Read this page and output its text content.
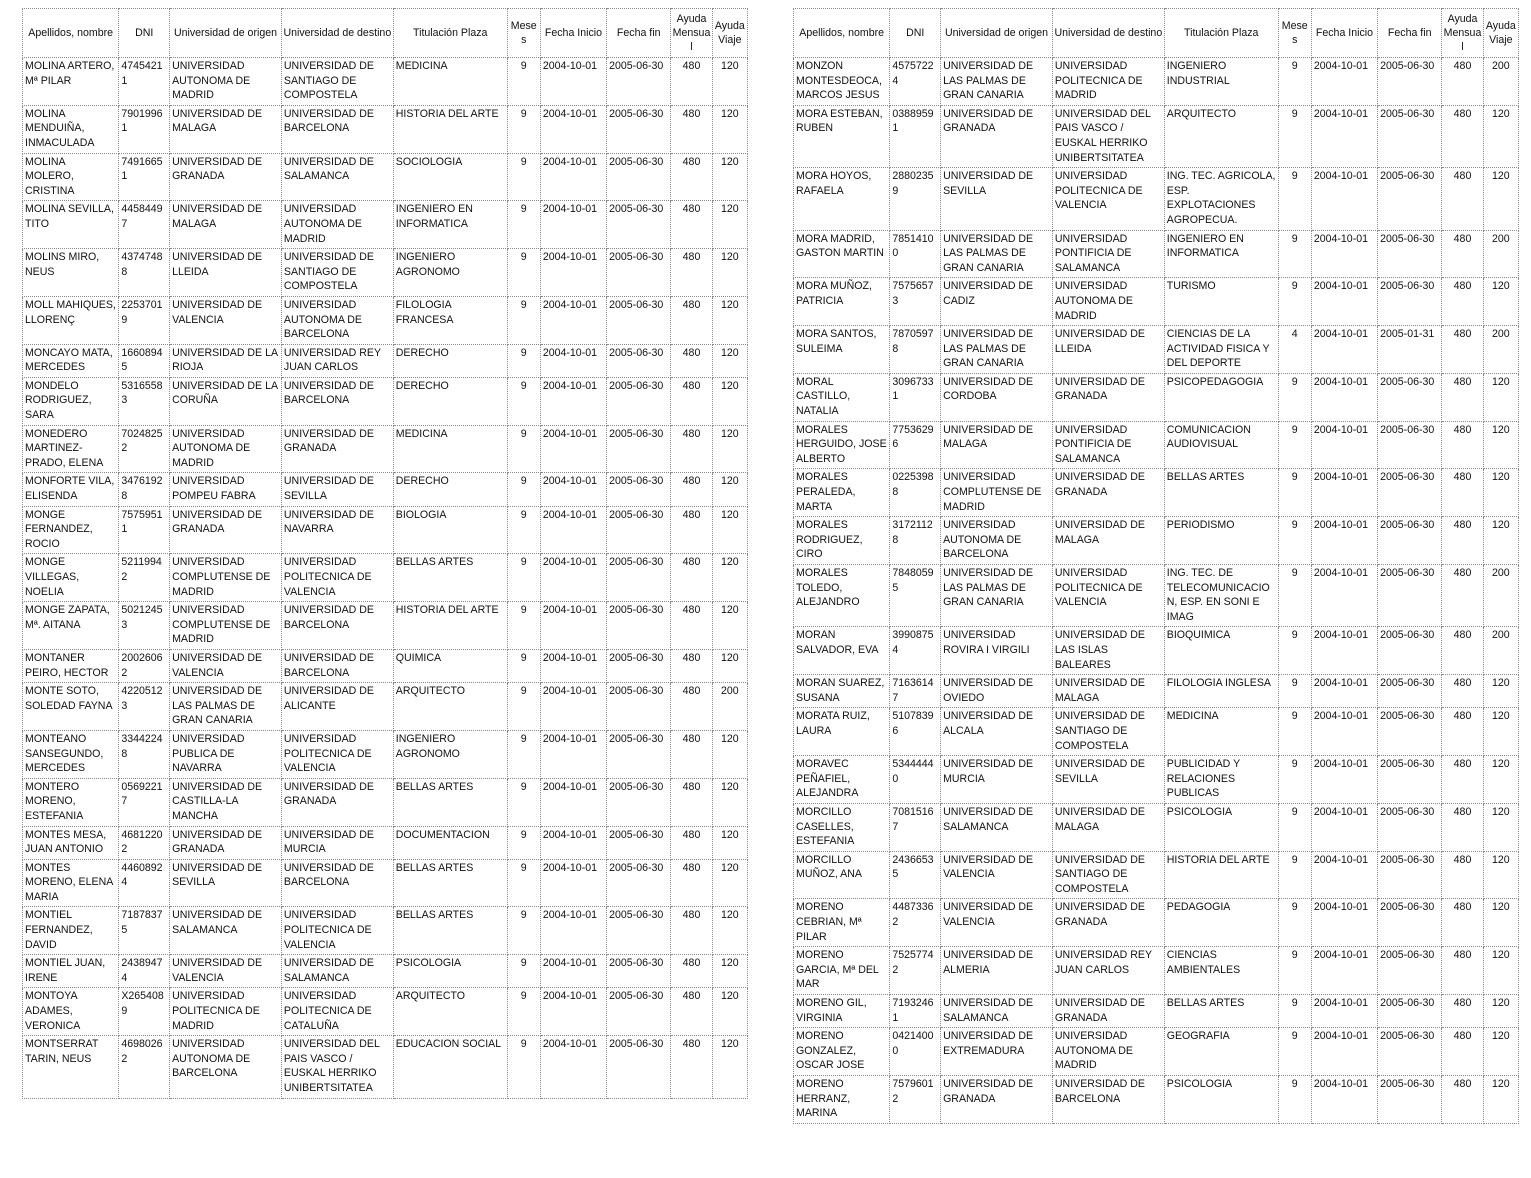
Apellidos, nombre	DNI	Universidad de origen	Universidad de destino	Titulación Plaza	Meses	Fecha Inicio	Fecha fin	Ayuda Mensual	Ayuda Viaje
MOLINA ARTERO, Mª PILAR	47454211	UNIVERSIDAD AUTONOMA DE MADRID	UNIVERSIDAD DE SANTIAGO DE COMPOSTELA	MEDICINA	9	2004-10-01	2005-06-30	480	120
MOLINA MENDUIÑA, INMACULADA	79019961	UNIVERSIDAD DE MALAGA	UNIVERSIDAD DE BARCELONA	HISTORIA DEL ARTE	9	2004-10-01	2005-06-30	480	120
MOLINA MOLERO, CRISTINA	74916651	UNIVERSIDAD DE GRANADA	UNIVERSIDAD DE SALAMANCA	SOCIOLOGIA	9	2004-10-01	2005-06-30	480	120
MOLINA SEVILLA, TITO	44584497	UNIVERSIDAD DE MALAGA	UNIVERSIDAD AUTONOMA DE MADRID	INGENIERO EN INFORMATICA	9	2004-10-01	2005-06-30	480	120
MOLINS MIRO, NEUS	43747488	UNIVERSIDAD DE LLEIDA	UNIVERSIDAD DE SANTIAGO DE COMPOSTELA	INGENIERO AGRONOMO	9	2004-10-01	2005-06-30	480	120
MOLL MAHIQUES, LLORENÇ	22537019	UNIVERSIDAD DE VALENCIA	UNIVERSIDAD AUTONOMA DE BARCELONA	FILOLOGIA FRANCESA	9	2004-10-01	2005-06-30	480	120
MONCAYO MATA, MERCEDES	16608945	UNIVERSIDAD DE LA RIOJA	UNIVERSIDAD REY JUAN CARLOS	DERECHO	9	2004-10-01	2005-06-30	480	120
MONDELO RODRIGUEZ, SARA	53165583	UNIVERSIDAD DE LA CORUÑA	UNIVERSIDAD DE BARCELONA	DERECHO	9	2004-10-01	2005-06-30	480	120
MONEDERO MARTINEZ-PRADO, ELENA	70248252	UNIVERSIDAD AUTONOMA DE MADRID	UNIVERSIDAD DE GRANADA	MEDICINA	9	2004-10-01	2005-06-30	480	120
MONFORTE VILA, ELISENDA	34761928	UNIVERSIDAD POMPEU FABRA	UNIVERSIDAD DE SEVILLA	DERECHO	9	2004-10-01	2005-06-30	480	120
MONGE FERNANDEZ, ROCIO	75759511	UNIVERSIDAD DE GRANADA	UNIVERSIDAD DE NAVARRA	BIOLOGIA	9	2004-10-01	2005-06-30	480	120
MONGE VILLEGAS, NOELIA	52119942	UNIVERSIDAD COMPLUTENSE DE MADRID	UNIVERSIDAD POLITECNICA DE VALENCIA	BELLAS ARTES	9	2004-10-01	2005-06-30	480	120
MONGE ZAPATA, Mª. AITANA	50212453	UNIVERSIDAD COMPLUTENSE DE MADRID	UNIVERSIDAD DE BARCELONA	HISTORIA DEL ARTE	9	2004-10-01	2005-06-30	480	120
MONTANER PEIRO, HECTOR	20026062	UNIVERSIDAD DE VALENCIA	UNIVERSIDAD DE BARCELONA	QUIMICA	9	2004-10-01	2005-06-30	480	120
MONTE SOTO, SOLEDAD FAYNA	42205123	UNIVERSIDAD DE LAS PALMAS DE GRAN CANARIA	UNIVERSIDAD DE ALICANTE	ARQUITECTO	9	2004-10-01	2005-06-30	480	200
MONTEANO SANSEGUNDO, MERCEDES	33442248	UNIVERSIDAD PUBLICA DE NAVARRA	UNIVERSIDAD POLITECNICA DE VALENCIA	INGENIERO AGRONOMO	9	2004-10-01	2005-06-30	480	120
MONTERO MORENO, ESTEFANIA	05692217	UNIVERSIDAD DE CASTILLA-LA MANCHA	UNIVERSIDAD DE GRANADA	BELLAS ARTES	9	2004-10-01	2005-06-30	480	120
MONTES MESA, JUAN ANTONIO	46812202	UNIVERSIDAD DE GRANADA	UNIVERSIDAD DE MURCIA	DOCUMENTACION	9	2004-10-01	2005-06-30	480	120
MONTES MORENO, ELENA MARIA	44608924	UNIVERSIDAD DE SEVILLA	UNIVERSIDAD DE BARCELONA	BELLAS ARTES	9	2004-10-01	2005-06-30	480	120
MONTIEL FERNANDEZ, DAVID	71878375	UNIVERSIDAD DE SALAMANCA	UNIVERSIDAD POLITECNICA DE VALENCIA	BELLAS ARTES	9	2004-10-01	2005-06-30	480	120
MONTIEL JUAN, IRENE	24389474	UNIVERSIDAD DE VALENCIA	UNIVERSIDAD DE SALAMANCA	PSICOLOGIA	9	2004-10-01	2005-06-30	480	120
MONTOYA ADAMES, VERONICA	X2654089	UNIVERSIDAD POLITECNICA DE MADRID	UNIVERSIDAD POLITECNICA DE CATALUÑA	ARQUITECTO	9	2004-10-01	2005-06-30	480	120
MONTSERRAT TARIN, NEUS	46980262	UNIVERSIDAD AUTONOMA DE BARCELONA	UNIVERSIDAD DEL PAIS VASCO / EUSKAL HERRIKO UNIBERTSITATEA	EDUCACION SOCIAL	9	2004-10-01	2005-06-30	480	120
Apellidos, nombre	DNI	Universidad de origen	Universidad de destino	Titulación Plaza	Meses	Fecha Inicio	Fecha fin	Ayuda Mensual	Ayuda Viaje
MONZON MONTESDEOCA, MARCOS JESUS	45757224	UNIVERSIDAD DE LAS PALMAS DE GRAN CANARIA	UNIVERSIDAD POLITECNICA DE MADRID	INGENIERO INDUSTRIAL	9	2004-10-01	2005-06-30	480	200
MORA ESTEBAN, RUBEN	03889591	UNIVERSIDAD DE GRANADA	UNIVERSIDAD DEL PAIS VASCO / EUSKAL HERRIKO UNIBERTSITATEA	ARQUITECTO	9	2004-10-01	2005-06-30	480	120
MORA HOYOS, RAFAELA	28802359	UNIVERSIDAD DE SEVILLA	UNIVERSIDAD POLITECNICA DE VALENCIA	ING. TEC. AGRICOLA, ESP. EXPLOTACIONES AGROPECUA.	9	2004-10-01	2005-06-30	480	120
MORA MADRID, GASTON MARTIN	78514100	UNIVERSIDAD DE LAS PALMAS DE GRAN CANARIA	UNIVERSIDAD PONTIFICIA DE SALAMANCA	INGENIERO EN INFORMATICA	9	2004-10-01	2005-06-30	480	200
MORA MUÑOZ, PATRICIA	75756573	UNIVERSIDAD DE CADIZ	UNIVERSIDAD AUTONOMA DE MADRID	TURISMO	9	2004-10-01	2005-06-30	480	120
MORA SANTOS, SULEIMA	78705978	UNIVERSIDAD DE LAS PALMAS DE GRAN CANARIA	UNIVERSIDAD DE LLEIDA	CIENCIAS DE LA ACTIVIDAD FISICA Y DEL DEPORTE	4	2004-10-01	2005-01-31	480	200
MORAL CASTILLO, NATALIA	30967331	UNIVERSIDAD DE CORDOBA	UNIVERSIDAD DE GRANADA	PSICOPEDAGOGIA	9	2004-10-01	2005-06-30	480	120
MORALES HERGUIDO, JOSE ALBERTO	77536296	UNIVERSIDAD DE MALAGA	UNIVERSIDAD PONTIFICIA DE SALAMANCA	COMUNICACION AUDIOVISUAL	9	2004-10-01	2005-06-30	480	120
MORALES PERALEDA, MARTA	02253988	UNIVERSIDAD COMPLUTENSE DE MADRID	UNIVERSIDAD DE GRANADA	BELLAS ARTES	9	2004-10-01	2005-06-30	480	120
MORALES RODRIGUEZ, CIRO	31721128	UNIVERSIDAD AUTONOMA DE BARCELONA	UNIVERSIDAD DE MALAGA	PERIODISMO	9	2004-10-01	2005-06-30	480	120
MORALES TOLEDO, ALEJANDRO	78480595	UNIVERSIDAD DE LAS PALMAS DE GRAN CANARIA	UNIVERSIDAD POLITECNICA DE VALENCIA	ING. TEC. DE TELECOMUNICACION, ESP. EN SONI E IMAG	9	2004-10-01	2005-06-30	480	200
MORAN SALVADOR, EVA	39908754	UNIVERSIDAD ROVIRA I VIRGILI	UNIVERSIDAD DE LAS ISLAS BALEARES	BIOQUIMICA	9	2004-10-01	2005-06-30	480	200
MORAN SUAREZ, SUSANA	71636147	UNIVERSIDAD DE OVIEDO	UNIVERSIDAD DE MALAGA	FILOLOGIA INGLESA	9	2004-10-01	2005-06-30	480	120
MORATA RUIZ, LAURA	51078396	UNIVERSIDAD DE ALCALA	UNIVERSIDAD DE SANTIAGO DE COMPOSTELA	MEDICINA	9	2004-10-01	2005-06-30	480	120
MORAVEC PEÑAFIEL, ALEJANDRA	53444440	UNIVERSIDAD DE MURCIA	UNIVERSIDAD DE SEVILLA	PUBLICIDAD Y RELACIONES PUBLICAS	9	2004-10-01	2005-06-30	480	120
MORCILLO CASELLES, ESTEFANIA	70815167	UNIVERSIDAD DE SALAMANCA	UNIVERSIDAD DE MALAGA	PSICOLOGIA	9	2004-10-01	2005-06-30	480	120
MORCILLO MUÑOZ, ANA	24366535	UNIVERSIDAD DE VALENCIA	UNIVERSIDAD DE SANTIAGO DE COMPOSTELA	HISTORIA DEL ARTE	9	2004-10-01	2005-06-30	480	120
MORENO CEBRIAN, Mª PILAR	44873362	UNIVERSIDAD DE VALENCIA	UNIVERSIDAD DE GRANADA	PEDAGOGIA	9	2004-10-01	2005-06-30	480	120
MORENO GARCIA, Mª DEL MAR	75257742	UNIVERSIDAD DE ALMERIA	UNIVERSIDAD REY JUAN CARLOS	CIENCIAS AMBIENTALES	9	2004-10-01	2005-06-30	480	120
MORENO GIL, VIRGINIA	71932461	UNIVERSIDAD DE SALAMANCA	UNIVERSIDAD DE GRANADA	BELLAS ARTES	9	2004-10-01	2005-06-30	480	120
MORENO GONZALEZ, OSCAR JOSE	04214000	UNIVERSIDAD DE EXTREMADURA	UNIVERSIDAD AUTONOMA DE MADRID	GEOGRAFIA	9	2004-10-01	2005-06-30	480	120
MORENO HERRANZ, MARINA	75796012	UNIVERSIDAD DE GRANADA	UNIVERSIDAD DE BARCELONA	PSICOLOGIA	9	2004-10-01	2005-06-30	480	120
